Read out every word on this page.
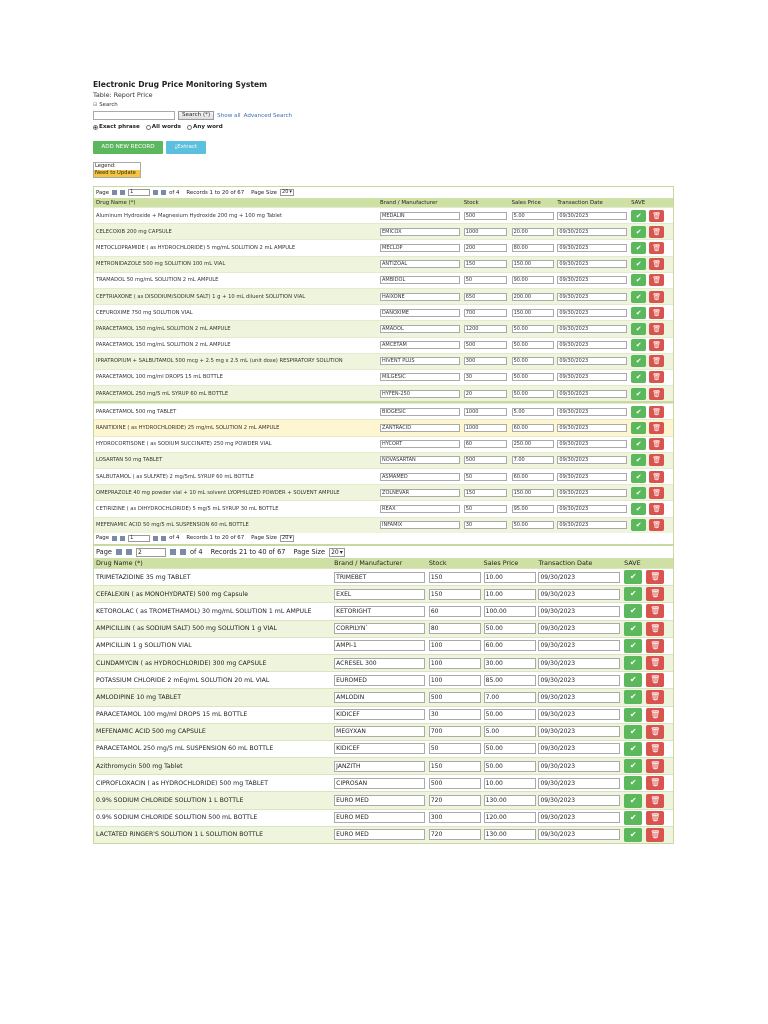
Electronic Drug Price Monitoring System
Table: Report Price
⊟ Search
Search (*) Show all Advanced Search
Exact phrase All words Any word
ADD NEW RECORD	⤓Extract
Legend:
Need to Update
Page	1	of 4 Records 1 to 20 of 67 Page Size 20 ▾
Drug Name (*)	Brand / Manufacturer	Stock	Sales Price	Transaction Date	SAVE
Aluminum Hydroxide + Magnesium Hydroxide 200 mg + 100 mg Tablet	MEDALIN	500	5.00	09/30/2023	✔	🗑
CELECOXIB 200 mg CAPSULE	EMICOX	1000	20.00	09/30/2023	✔	🗑
METOCLOPRAMIDE ( as HYDROCHLORIDE) 5 mg/mL SOLUTION 2 mL AMPULE	MECLOP	200	80.00	09/30/2023	✔	🗑
METRONIDAZOLE 500 mg SOLUTION 100 mL VIAL	ANTIZOAL	150	150.00	09/30/2023	✔	🗑
TRAMADOL 50 mg/mL SOLUTION 2 mL AMPULE	AMBIDOL	50	90.00	09/30/2023	✔	🗑
CEFTRIAXONE ( as DISODIUM/SODIUM SALT) 1 g + 10 mL diluent SOLUTION VIAL	HAIXONE	650	200.00	09/30/2023	✔	🗑
CEFUROXIME 750 mg SOLUTION VIAL	DANOXIME	700	150.00	09/30/2023	✔	🗑
PARACETAMOL 150 mg/mL SOLUTION 2 mL AMPULE	AMADOL	1200	50.00	09/30/2023	✔	🗑
PARACETAMOL 150 mg/mL SOLUTION 2 mL AMPULE	AMCETAM	500	50.00	09/30/2023	✔	🗑
IPRATROPIUM + SALBUTAMOL 500 mcg + 2.5 mg x 2.5 mL (unit dose) RESPIRATORY SOLUTION	HIVENT PLUS	300	50.00	09/30/2023	✔	🗑
PARACETAMOL 100 mg/ml DROPS 15 mL BOTTLE	MILGESIC	30	50.00	09/30/2023	✔	🗑
PARACETAMOL 250 mg/5 mL SYRUP 60 mL BOTTLE	HYFEN-250	20	50.00	09/30/2023	✔	🗑
PARACETAMOL 500 mg TABLET	BIOGESIC	1000	5.00	09/30/2023	✔	🗑
RANITIDINE ( as HYDROCHLORIDE) 25 mg/mL SOLUTION 2 mL AMPULE	ZANTRACID	1000	60.00	09/30/2023	✔	🗑
HYDROCORTISONE ( as SODIUM SUCCINATE) 250 mg POWDER VIAL	HYCORT	60	250.00	09/30/2023	✔	🗑
LOSARTAN 50 mg TABLET	NOVASARTAN	500	7.00	09/30/2023	✔	🗑
SALBUTAMOL ( as SULFATE) 2 mg/5mL SYRUP 60 mL BOTTLE	ASMAMED	50	60.00	09/30/2023	✔	🗑
OMEPRAZOLE 40 mg powder vial + 10 mL solvent LYOPHILIZED POWDER + SOLVENT AMPULE	ZOLNEVAR	150	150.00	09/30/2023	✔	🗑
CETIRIZINE ( as DIHYDROCHLORIDE) 5 mg/5 mL SYRUP 30 mL BOTTLE	REAX	50	95.00	09/30/2023	✔	🗑
MEFENAMIC ACID 50 mg/5 mL SUSPENSION 60 mL BOTTLE	INFAMIX	30	50.00	09/30/2023	✔	🗑
Page	1	of 4 Records 1 to 20 of 67 Page Size 20 ▾
Page	2	of 4 Records 21 to 40 of 67 Page Size 20 ▾
Drug Name (*)	Brand / Manufacturer	Stock	Sales Price	Transaction Date	SAVE
TRIMETAZIDINE 35 mg TABLET	TRIMEBET	150	10.00	09/30/2023	✔	🗑
CEFALEXIN ( as MONOHYDRATE) 500 mg Capsule	EXEL	150	10.00	09/30/2023	✔	🗑
KETOROLAC ( as TROMETHAMOL) 30 mg/mL SOLUTION 1 mL AMPULE	KETORIGHT	60	100.00	09/30/2023	✔	🗑
AMPICILLIN ( as SODIUM SALT) 500 mg SOLUTION 1 g VIAL	CORPILYN`	80	50.00	09/30/2023	✔	🗑
AMPICILLIN 1 g SOLUTION VIAL	AMPI-1	100	60.00	09/30/2023	✔	🗑
CLINDAMYCIN ( as HYDROCHLORIDE) 300 mg CAPSULE	ACRESEL 300	100	30.00	09/30/2023	✔	🗑
POTASSIUM CHLORIDE 2 mEq/mL SOLUTION 20 mL VIAL	EUROMED	100	85.00	09/30/2023	✔	🗑
AMLODIPINE 10 mg TABLET	AMLODIN	500	7.00	09/30/2023	✔	🗑
PARACETAMOL 100 mg/ml DROPS 15 mL BOTTLE	KIDICEF	30	50.00	09/30/2023	✔	🗑
MEFENAMIC ACID 500 mg CAPSULE	MEGYXAN	700	5.00	09/30/2023	✔	🗑
PARACETAMOL 250 mg/5 mL SUSPENSION 60 mL BOTTLE	KIDICEF	50	50.00	09/30/2023	✔	🗑
Azithromycin 500 mg Tablet	JANZITH	150	50.00	09/30/2023	✔	🗑
CIPROFLOXACIN ( as HYDROCHLORIDE) 500 mg TABLET	CIPROSAN	500	10.00	09/30/2023	✔	🗑
0.9% SODIUM CHLORIDE SOLUTION 1 L BOTTLE	EURO MED	720	130.00	09/30/2023	✔	🗑
0.9% SODIUM CHLORIDE SOLUTION 500 mL BOTTLE	EURO MED	300	120.00	09/30/2023	✔	🗑
LACTATED RINGER'S SOLUTION 1 L SOLUTION BOTTLE	EURO MED	720	130.00	09/30/2023	✔	🗑
